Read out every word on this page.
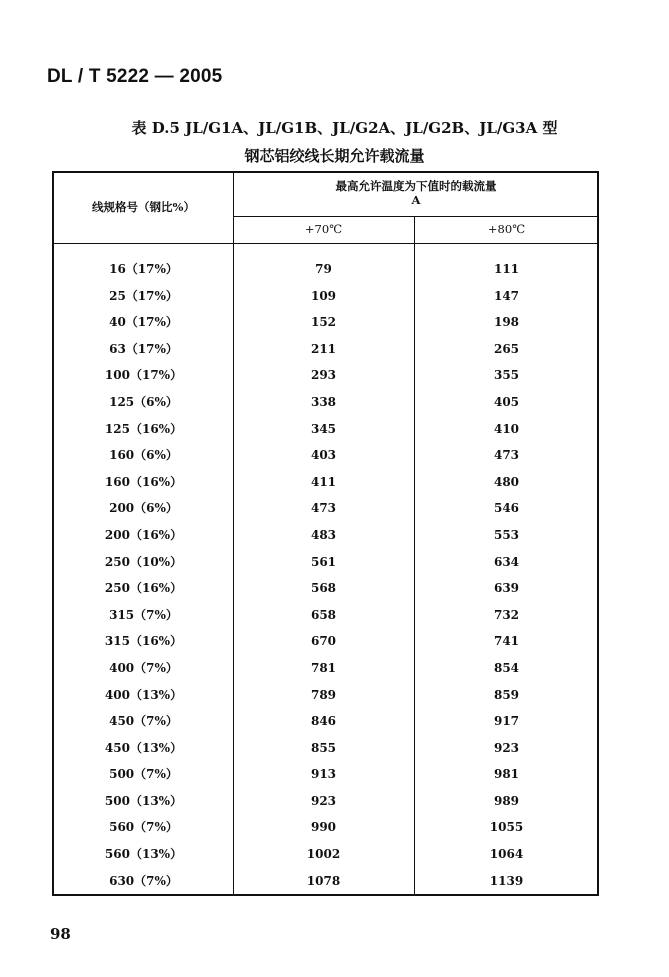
DL / T 5222 — 2005
表 D.5 JL/G1A、JL/G1B、JL/G2A、JL/G2B、JL/G3A 型
钢芯铝绞线长期允许载流量
线规格号（钢比%）
最高允许温度为下值时的载流量
A
+70℃	+80℃
16（17%）	79	111
25（17%）	109	147
40（17%）	152	198
63（17%）	211	265
100（17%）	293	355
125（6%）	338	405
125（16%）	345	410
160（6%）	403	473
160（16%）	411	480
200（6%）	473	546
200（16%）	483	553
250（10%）	561	634
250（16%）	568	639
315（7%）	658	732
315（16%）	670	741
400（7%）	781	854
400（13%）	789	859
450（7%）	846	917
450（13%）	855	923
500（7%）	913	981
500（13%）	923	989
560（7%）	990	1055
560（13%）	1002	1064
630（7%）	1078	1139
98
